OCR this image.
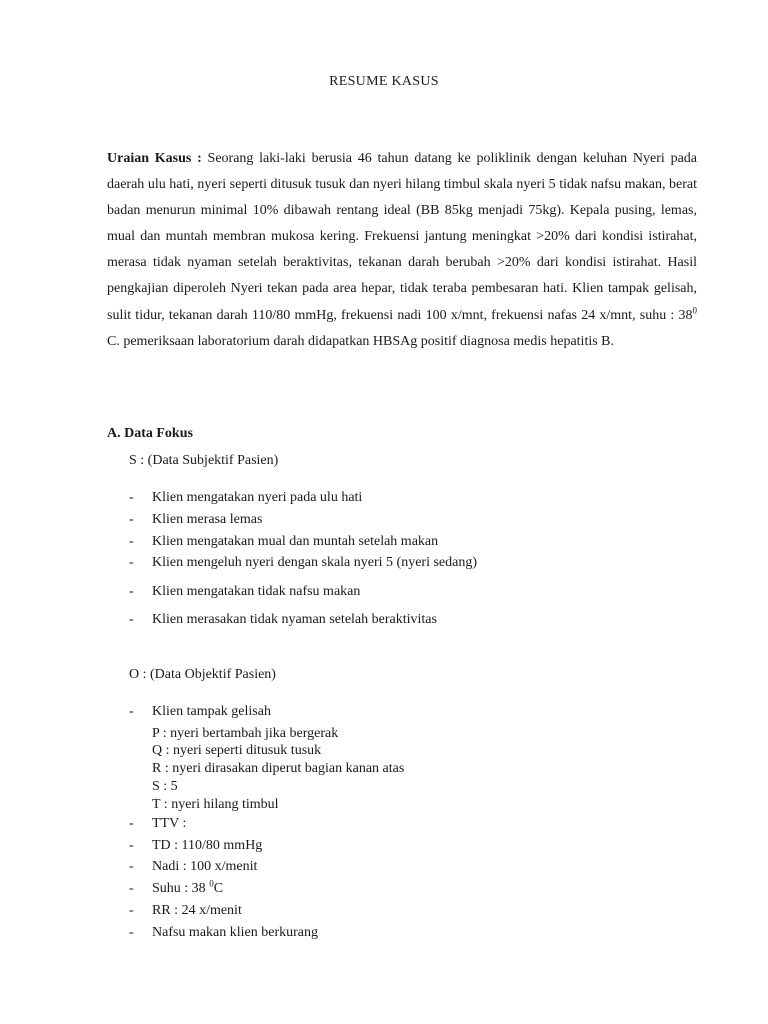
RESUME KASUS
Uraian Kasus : Seorang laki-laki berusia 46 tahun datang ke poliklinik dengan keluhan Nyeri pada daerah ulu hati, nyeri seperti ditusuk tusuk dan nyeri hilang timbul skala nyeri 5 tidak nafsu makan, berat badan menurun minimal 10% dibawah rentang ideal (BB 85kg menjadi 75kg). Kepala pusing, lemas, mual dan muntah membran mukosa kering. Frekuensi jantung meningkat >20% dari kondisi istirahat, merasa tidak nyaman setelah beraktivitas, tekanan darah berubah >20% dari kondisi istirahat. Hasil pengkajian diperoleh Nyeri tekan pada area hepar, tidak teraba pembesaran hati. Klien tampak gelisah, sulit tidur, tekanan darah 110/80 mmHg, frekuensi nadi 100 x/mnt, frekuensi nafas 24 x/mnt, suhu : $38^0$ C. pemeriksaan laboratorium darah didapatkan HBSAg positif diagnosa medis hepatitis B.
A. Data Fokus
S : (Data Subjektif Pasien)
- Klien mengatakan nyeri pada ulu hati
- Klien merasa lemas
- Klien mengatakan mual dan muntah setelah makan
- Klien mengeluh nyeri dengan skala nyeri 5 (nyeri sedang)
- Klien mengatakan tidak nafsu makan
- Klien merasakan tidak nyaman setelah beraktivitas
O : (Data Objektif Pasien)
- Klien tampak gelisah
P : nyeri bertambah jika bergerak
Q : nyeri seperti ditusuk tusuk
R : nyeri dirasakan diperut bagian kanan atas
S : 5
T : nyeri hilang timbul
- TTV :
- TD : 110/80 mmHg
- Nadi : 100 x/menit
- Suhu : 38 $^0$C
- RR : 24 x/menit
- Nafsu makan klien berkurang
